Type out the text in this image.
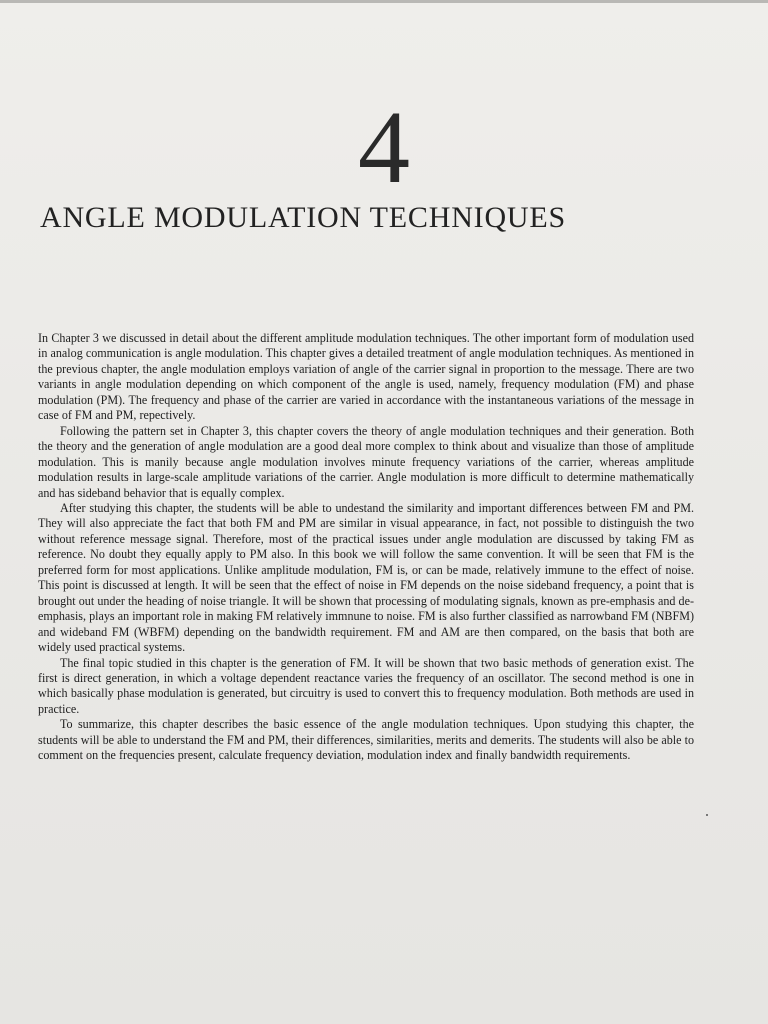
4
ANGLE MODULATION TECHNIQUES

In Chapter 3 we discussed in detail about the different amplitude modulation techniques. The other important form of modulation used in analog communication is angle modulation. This chapter gives a detailed treatment of angle modulation techniques. As mentioned in the previous chapter, the angle modulation employs variation of angle of the carrier signal in proportion to the message. There are two variants in angle modulation depending on which component of the angle is used, namely, frequency modulation (FM) and phase modulation (PM). The frequency and phase of the carrier are varied in accordance with the instantaneous variations of the message in case of FM and PM, repectively.

Following the pattern set in Chapter 3, this chapter covers the theory of angle modulation techniques and their generation. Both the theory and the generation of angle modulation are a good deal more complex to think about and visualize than those of amplitude modulation. This is manily because angle modulation involves minute frequency variations of the carrier, whereas amplitude modulation results in large-scale amplitude variations of the carrier. Angle modulation is more difficult to determine mathematically and has sideband behavior that is equally complex.

After studying this chapter, the students will be able to undestand the similarity and important differences between FM and PM. They will also appreciate the fact that both FM and PM are similar in visual appearance, in fact, not possible to distinguish the two without reference message signal. Therefore, most of the practical issues under angle modulation are discussed by taking FM as reference. No doubt they equally apply to PM also. In this book we will follow the same convention. It will be seen that FM is the preferred form for most applications. Unlike amplitude modulation, FM is, or can be made, relatively immune to the effect of noise. This point is discussed at length. It will be seen that the effect of noise in FM depends on the noise sideband frequency, a point that is brought out under the heading of noise triangle. It will be shown that processing of modulating signals, known as pre-emphasis and de-emphasis, plays an important role in making FM relatively immnune to noise. FM is also further classified as narrowband FM (NBFM) and wideband FM (WBFM) depending on the bandwidth requirement. FM and AM are then compared, on the basis that both are widely used practical systems.

The final topic studied in this chapter is the generation of FM. It will be shown that two basic methods of generation exist. The first is direct generation, in which a voltage dependent reactance varies the frequency of an oscillator. The second method is one in which basically phase modulation is generated, but circuitry is used to convert this to frequency modulation. Both methods are used in practice.

To summarize, this chapter describes the basic essence of the angle modulation techniques. Upon studying this chapter, the students will be able to understand the FM and PM, their differences, similarities, merits and demerits. The students will also be able to comment on the frequencies present, calculate frequency deviation, modulation index and finally bandwidth requirements.
